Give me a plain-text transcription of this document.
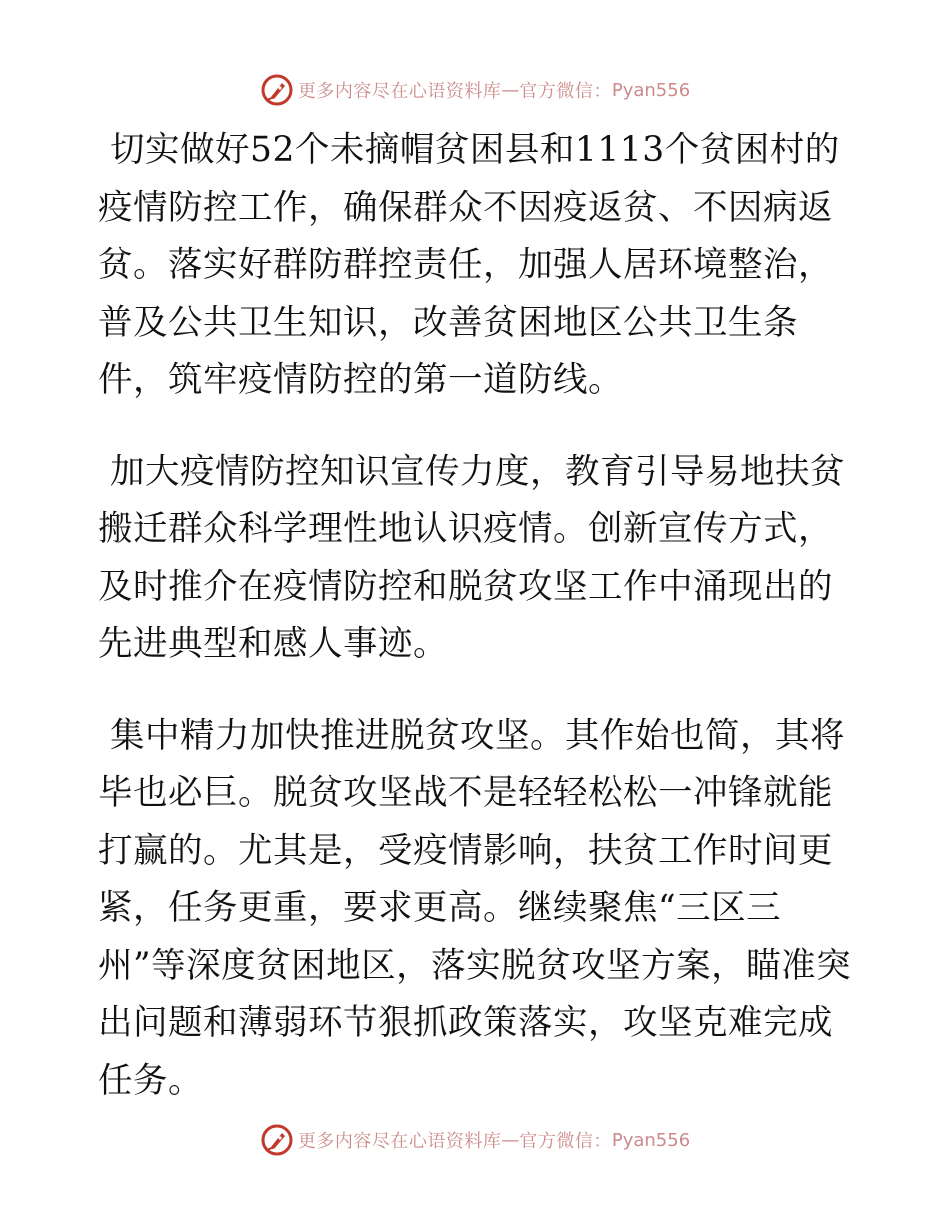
更多内容尽在心语资料库 — 官方微信： Pyan556

切实做好52个未摘帽贫困县和1113个贫困村的疫情防控工作，确保群众不因疫返贫、不因病返贫。落实好群防群控责任，加强人居环境整治，普及公共卫生知识，改善贫困地区公共卫生条件，筑牢疫情防控的第一道防线。

加大疫情防控知识宣传力度，教育引导易地扶贫搬迁群众科学理性地认识疫情。创新宣传方式，及时推介在疫情防控和脱贫攻坚工作中涌现出的先进典型和感人事迹。

集中精力加快推进脱贫攻坚。其作始也简，其将毕也必巨。脱贫攻坚战不是轻轻松松一冲锋就能打赢的。尤其是，受疫情影响，扶贫工作时间更紧，任务更重，要求更高。继续聚焦“三区三州”等深度贫困地区，落实脱贫攻坚方案，瞄准突出问题和薄弱环节狠抓政策落实，攻坚克难完成任务。

更多内容尽在心语资料库 — 官方微信： Pyan556
